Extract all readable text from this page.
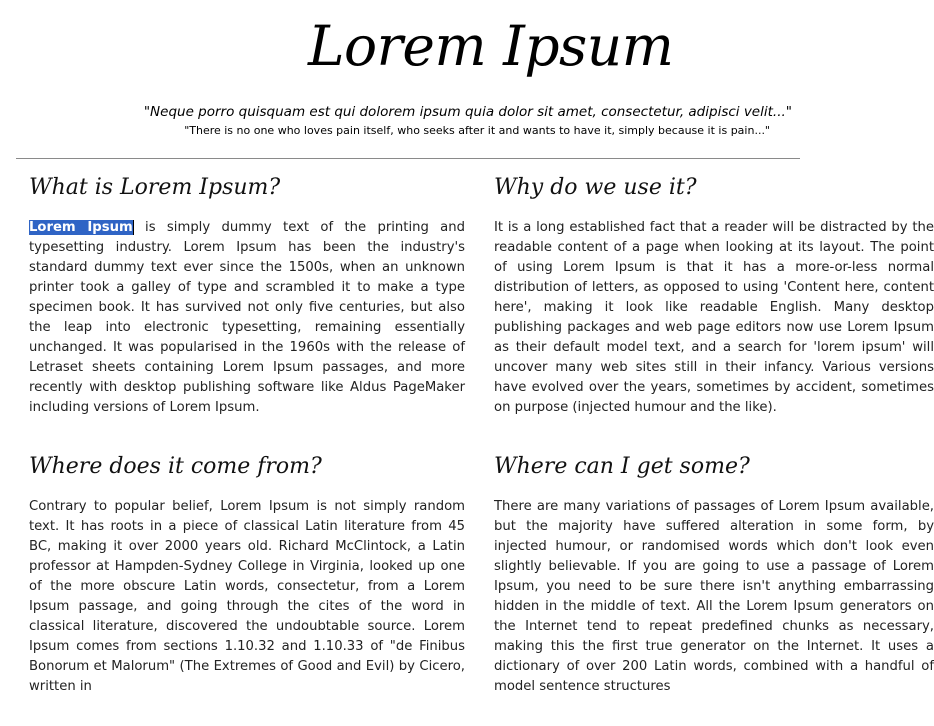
Lorem Ipsum
"Neque porro quisquam est qui dolorem ipsum quia dolor sit amet, consectetur, adipisci velit..."
"There is no one who loves pain itself, who seeks after it and wants to have it, simply because it is pain..."
What is Lorem Ipsum?

Lorem Ipsum is simply dummy text of the printing and typesetting industry. Lorem Ipsum has been the industry's standard dummy text ever since the 1500s, when an unknown printer took a galley of type and scrambled it to make a type specimen book. It has survived not only five centuries, but also the leap into electronic typesetting, remaining essentially unchanged. It was popularised in the 1960s with the release of Letraset sheets containing Lorem Ipsum passages, and more recently with desktop publishing software like Aldus PageMaker including versions of Lorem Ipsum.

Where does it come from?

Contrary to popular belief, Lorem Ipsum is not simply random text. It has roots in a piece of classical Latin literature from 45 BC, making it over 2000 years old. Richard McClintock, a Latin professor at Hampden-Sydney College in Virginia, looked up one of the more obscure Latin words, consectetur, from a Lorem Ipsum passage, and going through the cites of the word in classical literature, discovered the undoubtable source. Lorem Ipsum comes from sections 1.10.32 and 1.10.33 of "de Finibus Bonorum et Malorum" (The Extremes of Good and Evil) by Cicero, written in

Why do we use it?

It is a long established fact that a reader will be distracted by the readable content of a page when looking at its layout. The point of using Lorem Ipsum is that it has a more-or-less normal distribution of letters, as opposed to using 'Content here, content here', making it look like readable English. Many desktop publishing packages and web page editors now use Lorem Ipsum as their default model text, and a search for 'lorem ipsum' will uncover many web sites still in their infancy. Various versions have evolved over the years, sometimes by accident, sometimes on purpose (injected humour and the like).

Where can I get some?

There are many variations of passages of Lorem Ipsum available, but the majority have suffered alteration in some form, by injected humour, or randomised words which don't look even slightly believable. If you are going to use a passage of Lorem Ipsum, you need to be sure there isn't anything embarrassing hidden in the middle of text. All the Lorem Ipsum generators on the Internet tend to repeat predefined chunks as necessary, making this the first true generator on the Internet. It uses a dictionary of over 200 Latin words, combined with a handful of model sentence structures
